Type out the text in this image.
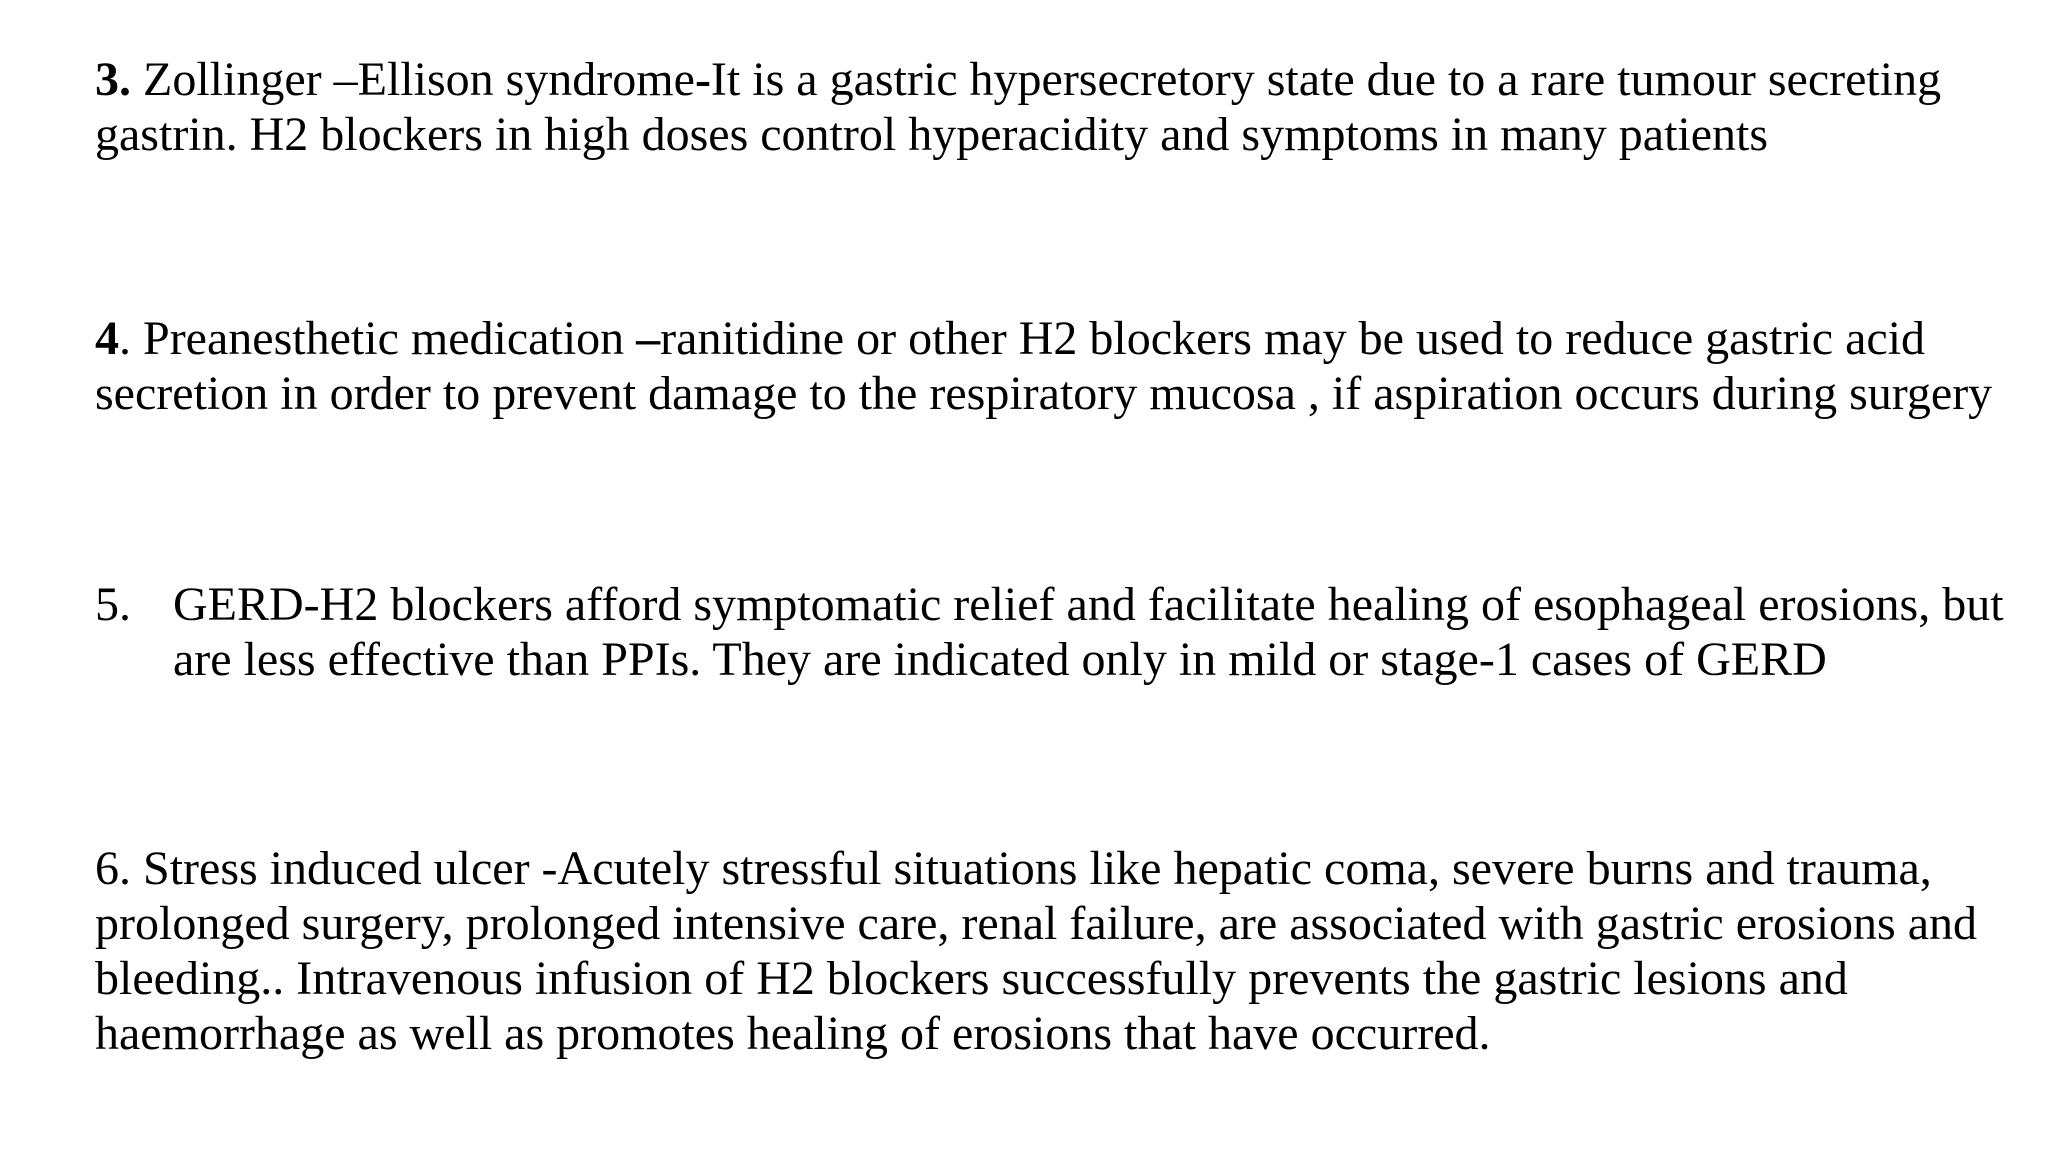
3. Zollinger –Ellison syndrome-It is a gastric hypersecretory state due to a rare tumour secreting gastrin. H2 blockers in high doses control hyperacidity and symptoms in many patients

4. Preanesthetic medication –ranitidine or other H2 blockers may be used to reduce gastric acid secretion in order to prevent damage to the respiratory mucosa , if aspiration occurs during surgery

5. GERD-H2 blockers afford symptomatic relief and facilitate healing of esophageal erosions, but are less effective than PPIs. They are indicated only in mild or stage-1 cases of GERD

6. Stress induced ulcer -Acutely stressful situations like hepatic coma, severe burns and trauma, prolonged surgery, prolonged intensive care, renal failure, are associated with gastric erosions and bleeding.. Intravenous infusion of H2 blockers successfully prevents the gastric lesions and haemorrhage as well as promotes healing of erosions that have occurred.
